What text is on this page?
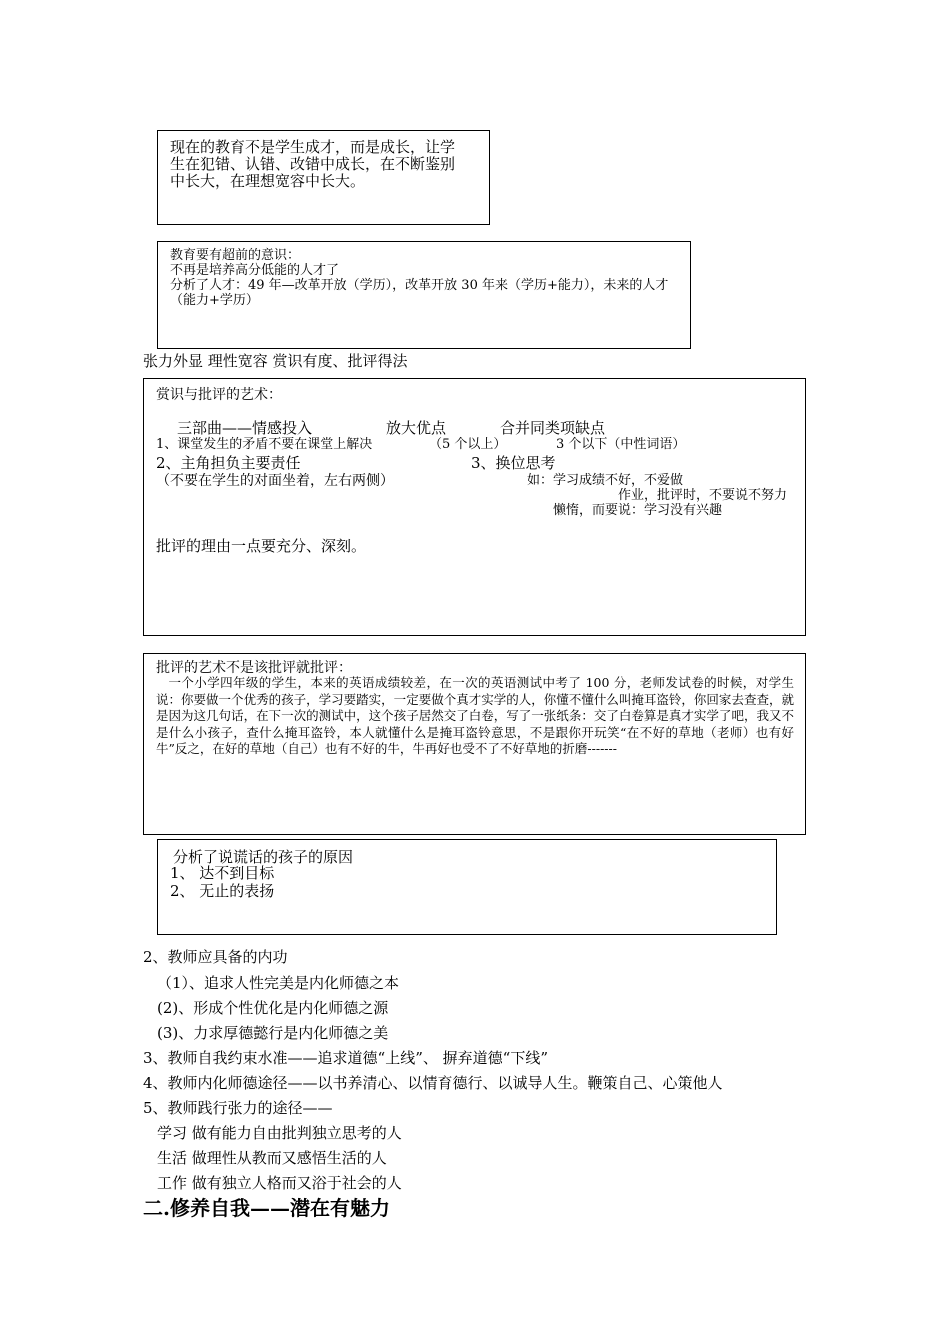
现在的教育不是学生成才，而是成长，让学
生在犯错、认错、改错中成长，在不断鉴别
中长大，在理想宽容中长大。
教育要有超前的意识：
不再是培养高分低能的人才了
分析了人才：49 年—改革开放（学历），改革开放 30 年来（学历+能力），未来的人才
（能力+学历）
张力外显 理性宽容 赏识有度、批评得法
赏识与批评的艺术：
三部曲——情感投入	放大优点	合并同类项缺点
1、课堂发生的矛盾不要在课堂上解决	（5 个以上）	3 个以下（中性词语）
2、主角担负主要责任	3、换位思考
（不要在学生的对面坐着，左右两侧）	如：学习成绩不好，不爱做
作业，批评时，不要说不努力
懒惰，而要说：学习没有兴趣
批评的理由一点要充分、深刻。
批评的艺术不是该批评就批评：
一个小学四年级的学生，本来的英语成绩较差，在一次的英语测试中考了 100 分，老师发试卷的时候，对学生说：你要做一个优秀的孩子，学习要踏实，一定要做个真才实学的人，你懂不懂什么叫掩耳盗铃，你回家去查查，就是因为这几句话，在下一次的测试中，这个孩子居然交了白卷，写了一张纸条：交了白卷算是真才实学了吧，我又不是什么小孩子，查什么掩耳盗铃，本人就懂什么是掩耳盗铃意思，不是跟你开玩笑“在不好的草地（老师）也有好牛”反之，在好的草地（自己）也有不好的牛，牛再好也受不了不好草地的折磨-------
分析了说谎话的孩子的原因
1、 达不到目标
2、 无止的表扬
2、教师应具备的内功
（1）、追求人性完美是内化师德之本
(2)、形成个性优化是内化师德之源
(3)、力求厚德懿行是内化师德之美
3、教师自我约束水准——追求道德“上线”、 摒弃道德“下线”
4、教师内化师德途径——以书养清心、以情育德行、以诚导人生。鞭策自己、心策他人
5、教师践行张力的途径——
学习 做有能力自由批判独立思考的人
生活 做理性从教而又感悟生活的人
工作 做有独立人格而又浴于社会的人
二.修养自我——潜在有魅力
